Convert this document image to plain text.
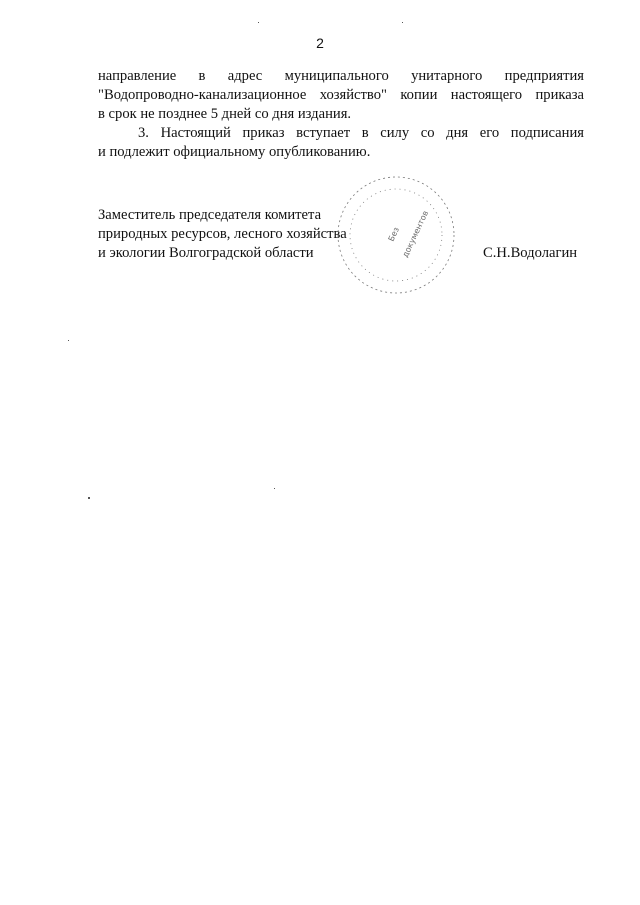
2
направление в адрес муниципального унитарного предприятия
"Водопроводно-канализационное хозяйство" копии настоящего приказа
в срок не позднее 5 дней со дня издания.
3. Настоящий приказ вступает в силу со дня его подписания
и подлежит официальному опубликованию.
Заместитель председателя комитета
природных ресурсов, лесного хозяйства
и экологии Волгоградской области	С.Н.Водолагин
Без документов
